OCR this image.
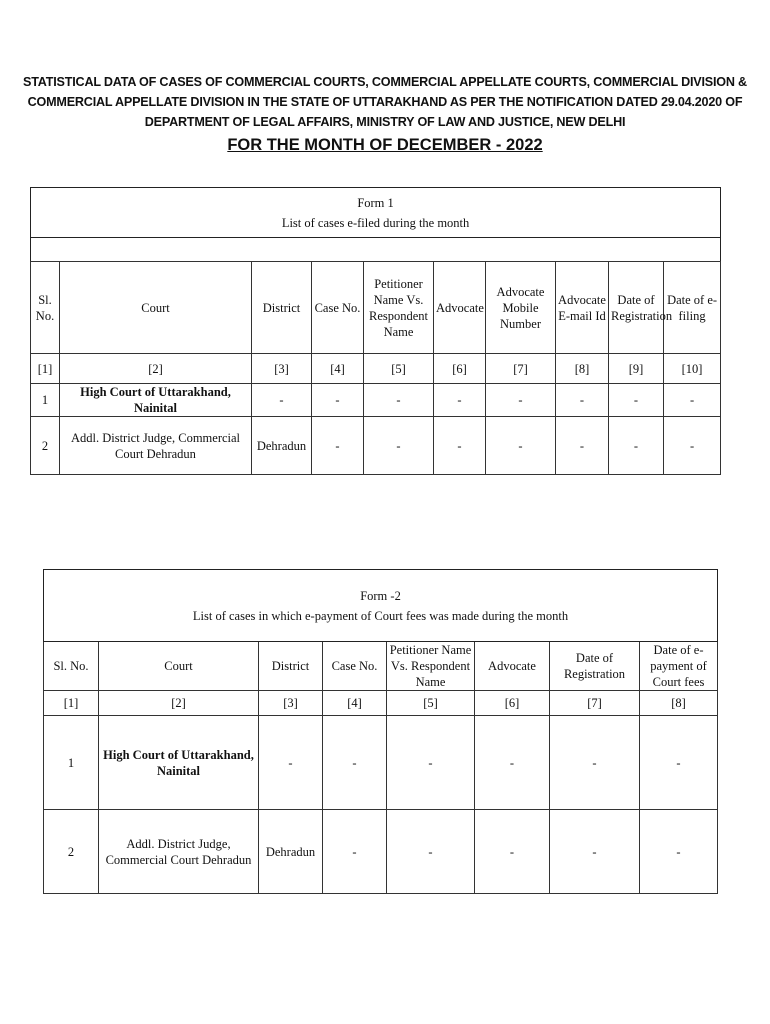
STATISTICAL DATA OF CASES OF COMMERCIAL COURTS, COMMERCIAL APPELLATE COURTS, COMMERCIAL DIVISION &
COMMERCIAL APPELLATE DIVISION IN THE STATE OF UTTARAKHAND AS PER THE NOTIFICATION DATED 29.04.2020 OF
DEPARTMENT OF LEGAL AFFAIRS, MINISTRY OF LAW AND JUSTICE, NEW DELHI
FOR THE MONTH OF DECEMBER - 2022
Form 1
List of cases e-filed during the month									

Sl. No.	Court	District	Case No.	Petitioner Name Vs. Respondent Name	Advocate	Advocate Mobile Number	Advocate E-mail Id	Date of Registration	Date of e-filing
[1]	[2]	[3]	[4]	[5]	[6]	[7]	[8]	[9]	[10]
1	High Court of Uttarakhand, Nainital	-	-	-	-	-	-	-	-
2	Addl. District Judge, Commercial Court Dehradun	Dehradun	-	-	-	-	-	-	-
Form -2
List of cases in which e-payment of Court fees was made during the month							

Sl. No.	Court	District	Case No.	Petitioner Name Vs. Respondent Name	Advocate	Date of Registration	Date of e-payment of Court fees
[1]	[2]	[3]	[4]	[5]	[6]	[7]	[8]
1	High Court of Uttarakhand, Nainital	-	-	-	-	-	-
2	Addl. District Judge, Commercial Court Dehradun	Dehradun	-	-	-	-	-
